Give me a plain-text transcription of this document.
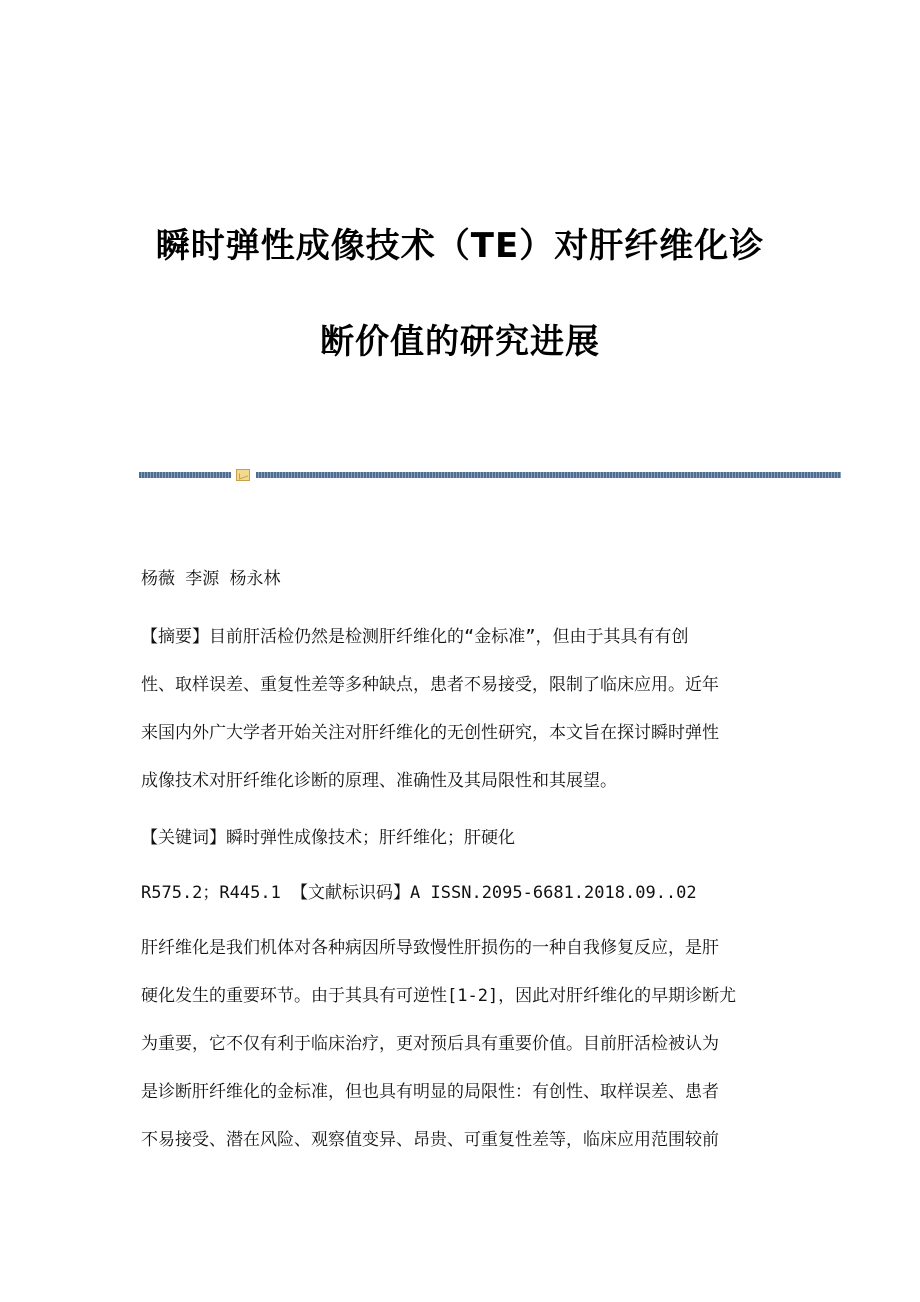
瞬时弹性成像技术（TE）对肝纤维化诊
断价值的研究进展
杨薇 李源 杨永林
【摘要】目前肝活检仍然是检测肝纤维化的“金标准”，但由于其具有有创
性、取样误差、重复性差等多种缺点，患者不易接受，限制了临床应用。近年
来国内外广大学者开始关注对肝纤维化的无创性研究，本文旨在探讨瞬时弹性
成像技术对肝纤维化诊断的原理、准确性及其局限性和其展望。
【关键词】瞬时弹性成像技术；肝纤维化；肝硬化
R575.2；R445.1 【文献标识码】A ISSN.2095-6681.2018.09..02
肝纤维化是我们机体对各种病因所导致慢性肝损伤的一种自我修复反应，是肝
硬化发生的重要环节。由于其具有可逆性[1-2]，因此对肝纤维化的早期诊断尤
为重要，它不仅有利于临床治疗，更对预后具有重要价值。目前肝活检被认为
是诊断肝纤维化的金标准，但也具有明显的局限性：有创性、取样误差、患者
不易接受、潜在风险、观察值变异、昂贵、可重复性差等，临床应用范围较前
